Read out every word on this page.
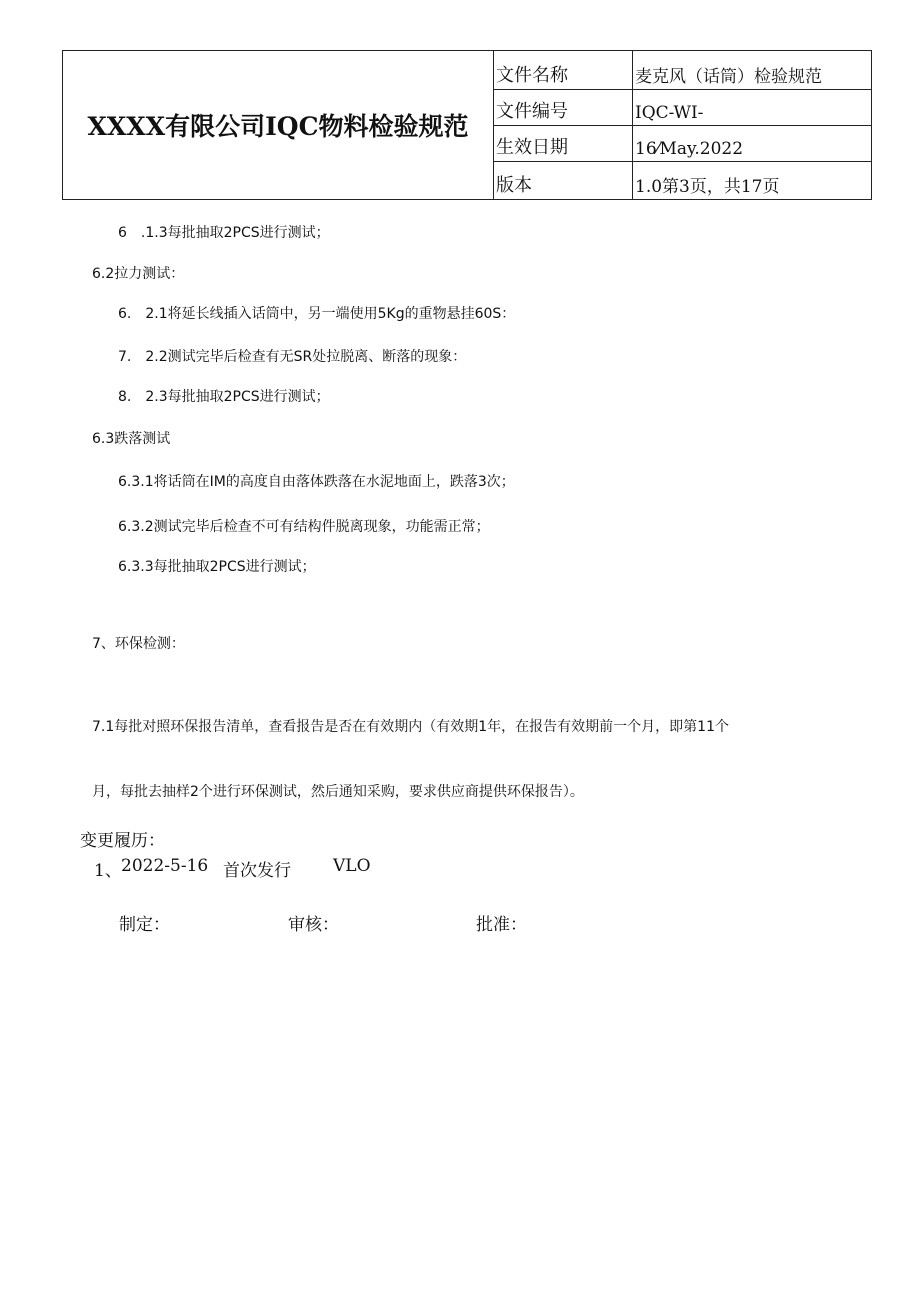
XXXX有限公司IQC物料检验规范	文件名称	麦克风（话筒）检验规范
	文件编号	IQC-WI-
	生效日期	16⁄May.2022
	版本	1.0第3页，共17页
6　.1.3每批抽取2PCS进行测试；
6.2拉力测试：
6.　2.1将延长线插入话筒中，另一端使用5Kg的重物悬挂60S：
7.　2.2测试完毕后检查有无SR处拉脱离、断落的现象：
8.　2.3每批抽取2PCS进行测试；
6.3跌落测试
6.3.1将话筒在IM的高度自由落体跌落在水泥地面上，跌落3次；
6.3.2测试完毕后检查不可有结构件脱离现象，功能需正常；
6.3.3每批抽取2PCS进行测试；
7、环保检测：
7.1每批对照环保报告清单，查看报告是否在有效期内（有效期1年，在报告有效期前一个月，即第11个
月，每批去抽样2个进行环保测试，然后通知采购，要求供应商提供环保报告）。
变更履历：
1、 2022-5-16 首次发行 VLO
制定：	审核：	批准：
